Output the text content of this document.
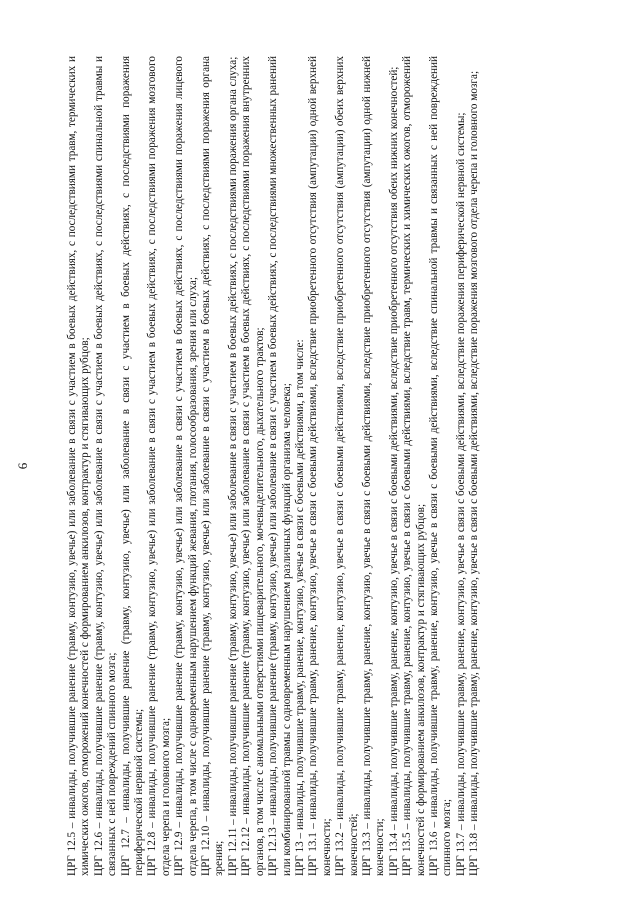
6	ЦРГ 12.5 – инвалиды, получившие ранение (травму, контузию, увечье) или заболевание в связи с участием в боевых действиях, с последствиями травм, термических и химических ожогов, отморожений конечностей с формированием анкилозов, контрактур и стягивающих рубцов; ЦРГ 12.6 – инвалиды, получившие ранение (травму, контузию, увечье) или заболевание в связи с участием в боевых действиях, с последствиями спинальной травмы и связанных с ней повреждений спинного мозга; ЦРГ 12.7 – инвалиды, получившие ранение (травму, контузию, увечье) или заболевание в связи с участием в боевых действиях, с последствиями поражения периферической нервной системы; ЦРГ 12.8 – инвалиды, получившие ранение (травму, контузию, увечье) или заболевание в связи с участием в боевых действиях, с последствиями поражения мозгового отдела черепа и головного мозга; ЦРГ 12.9 – инвалиды, получившие ранение (травму, контузию, увечье) или заболевание в связи с участием в боевых действиях, с последствиями поражения лицевого отдела черепа, в том числе с одновременным нарушением функций жевания, глотания, голосообразования, зрения или слуха; ЦРГ 12.10 – инвалиды, получившие ранение (травму, контузию, увечье) или заболевание в связи с участием в боевых действиях, с последствиями поражения органа зрения; ЦРГ 12.11 – инвалиды, получившие ранение (травму, контузию, увечье) или заболевание в связи с участием в боевых действиях, с последствиями поражения органа слуха; ЦРГ 12.12 – инвалиды, получившие ранение (травму, контузию, увечье) или заболевание в связи с участием в боевых действиях, с последствиями поражения внутренних органов, в том числе с аномальными отверстиями пищеварительного, мочевыделительного, дыхательного трактов; ЦРГ 12.13 – инвалиды, получившие ранение (травму, контузию, увечье) или заболевание в связи с участием в боевых действиях, с последствиями множественных ранений или комбинированной травмы с одновременным нарушением различных функций организма человека; ЦРГ 13 – инвалиды, получившие травму, ранение, контузию, увечье в связи с боевыми действиями, в том числе: ЦРГ 13.1 – инвалиды, получившие травму, ранение, контузию, увечье в связи с боевыми действиями, вследствие приобретенного отсутствия (ампутации) одной верхней конечности; ЦРГ 13.2 – инвалиды, получившие травму, ранение, контузию, увечье в связи с боевыми действиями, вследствие приобретенного отсутствия (ампутации) обеих верхних конечностей; ЦРГ 13.3 – инвалиды, получившие травму, ранение, контузию, увечье в связи с боевыми действиями, вследствие приобретенного отсутствия (ампутации) одной нижней конечности; ЦРГ 13.4 – инвалиды, получившие травму, ранение, контузию, увечье в связи с боевыми действиями, вследствие приобретенного отсутствия обеих нижних конечностей; ЦРГ 13.5 – инвалиды, получившие травму, ранение, контузию, увечье в связи с боевыми действиями, вследствие травм, термических и химических ожогов, отморожений конечностей с формированием анкилозов, контрактур и стягивающих рубцов; ЦРГ 13.6 – инвалиды, получившие травму, ранение, контузию, увечье в связи с боевыми действиями, вследствие спинальной травмы и связанных с ней повреждений спинного мозга; ЦРГ 13.7 – инвалиды, получившие травму, ранение, контузию, увечье в связи с боевыми действиями, вследствие поражения периферической нервной системы; ЦРГ 13.8 – инвалиды, получившие травму, ранение, контузию, увечье в связи с боевыми действиями, вследствие поражения мозгового отдела черепа и головного мозга;
